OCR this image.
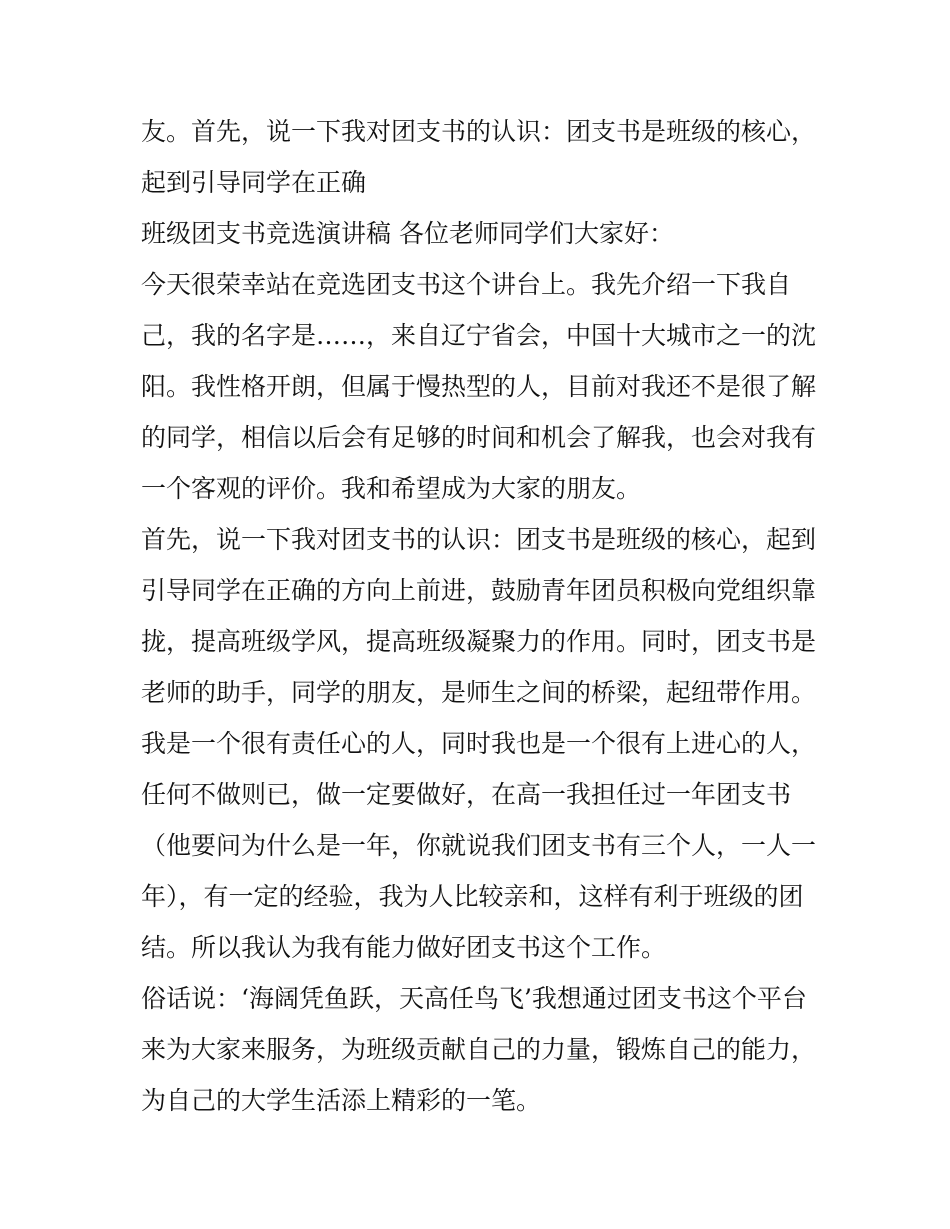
友。首先，说一下我对团支书的认识：团支书是班级的核心，
起到引导同学在正确
班级团支书竞选演讲稿 各位老师同学们大家好：
今天很荣幸站在竞选团支书这个讲台上。我先介绍一下我自
己，我的名字是……，来自辽宁省会，中国十大城市之一的沈
阳。我性格开朗，但属于慢热型的人，目前对我还不是很了解
的同学，相信以后会有足够的时间和机会了解我，也会对我有
一个客观的评价。我和希望成为大家的朋友。
首先，说一下我对团支书的认识：团支书是班级的核心，起到
引导同学在正确的方向上前进，鼓励青年团员积极向党组织靠
拢，提高班级学风，提高班级凝聚力的作用。同时，团支书是
老师的助手，同学的朋友，是师生之间的桥梁，起纽带作用。
我是一个很有责任心的人，同时我也是一个很有上进心的人，
任何不做则已，做一定要做好，在高一我担任过一年团支书
（他要问为什么是一年，你就说我们团支书有三个人，一人一
年），有一定的经验，我为人比较亲和，这样有利于班级的团
结。所以我认为我有能力做好团支书这个工作。
俗话说：‘海阔凭鱼跃，天高任鸟飞’我想通过团支书这个平台
来为大家来服务，为班级贡献自己的力量，锻炼自己的能力，
为自己的大学生活添上精彩的一笔。
